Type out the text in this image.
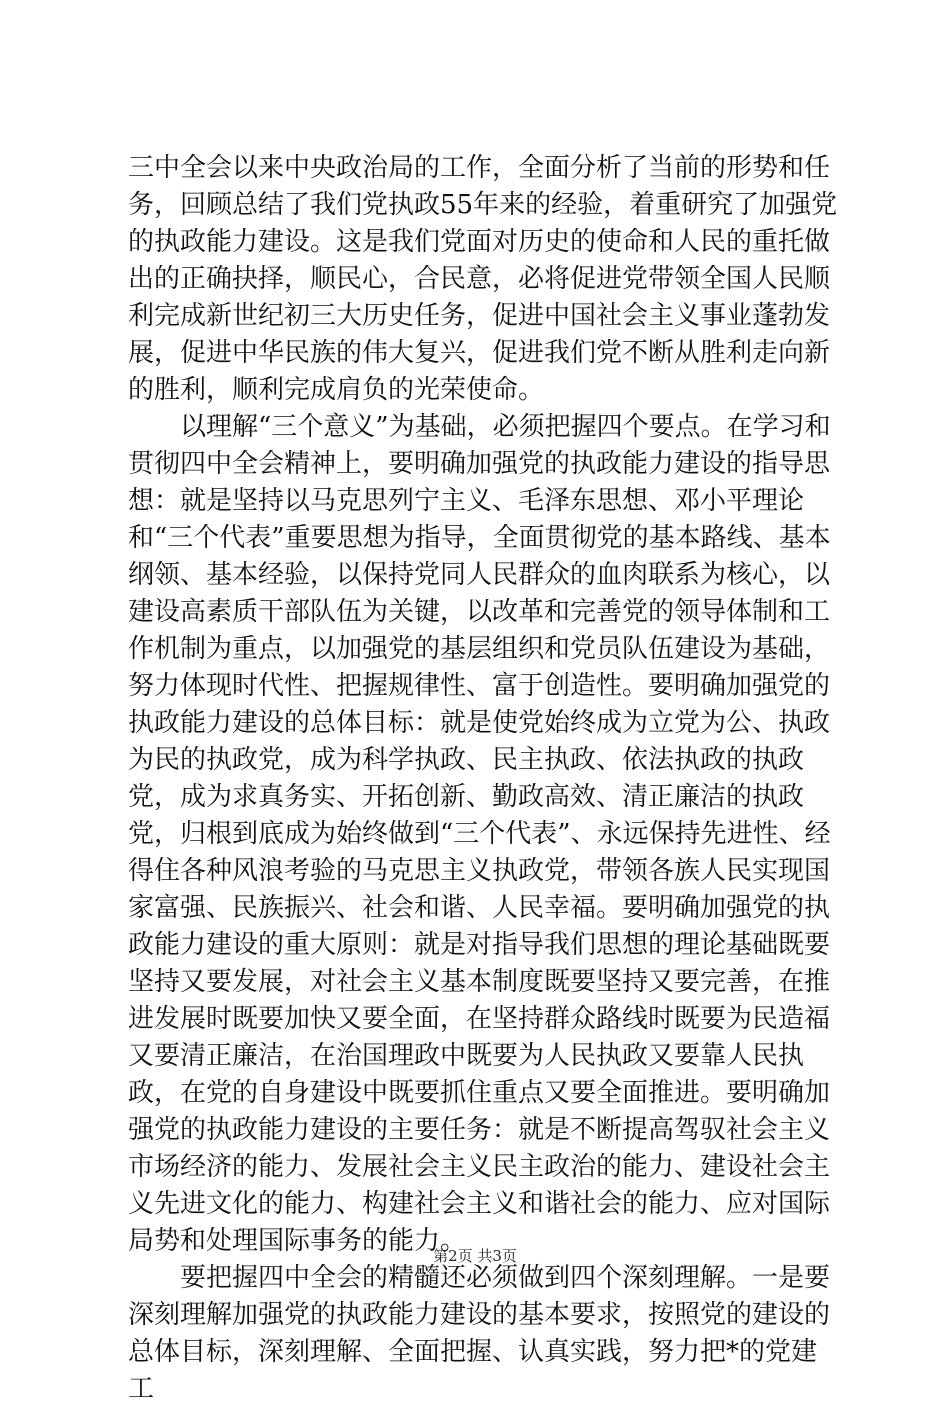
三中全会以来中央政治局的工作，全面分析了当前的形势和任务，回顾总结了我们党执政55年来的经验，着重研究了加强党的执政能力建设。这是我们党面对历史的使命和人民的重托做出的正确抉择，顺民心，合民意，必将促进党带领全国人民顺利完成新世纪初三大历史任务，促进中国社会主义事业蓬勃发展，促进中华民族的伟大复兴，促进我们党不断从胜利走向新的胜利，顺利完成肩负的光荣使命。

以理解“三个意义”为基础，必须把握四个要点。在学习和贯彻四中全会精神上，要明确加强党的执政能力建设的指导思想：就是坚持以马克思列宁主义、毛泽东思想、邓小平理论和“三个代表”重要思想为指导，全面贯彻党的基本路线、基本纲领、基本经验，以保持党同人民群众的血肉联系为核心，以建设高素质干部队伍为关键，以改革和完善党的领导体制和工作机制为重点，以加强党的基层组织和党员队伍建设为基础，努力体现时代性、把握规律性、富于创造性。要明确加强党的执政能力建设的总体目标：就是使党始终成为立党为公、执政为民的执政党，成为科学执政、民主执政、依法执政的执政党，成为求真务实、开拓创新、勤政高效、清正廉洁的执政党，归根到底成为始终做到“三个代表”、永远保持先进性、经得住各种风浪考验的马克思主义执政党，带领各族人民实现国家富强、民族振兴、社会和谐、人民幸福。要明确加强党的执政能力建设的重大原则：就是对指导我们思想的理论基础既要坚持又要发展，对社会主义基本制度既要坚持又要完善，在推进发展时既要加快又要全面，在坚持群众路线时既要为民造福又要清正廉洁，在治国理政中既要为人民执政又要靠人民执政，在党的自身建设中既要抓住重点又要全面推进。要明确加强党的执政能力建设的主要任务：就是不断提高驾驭社会主义市场经济的能力、发展社会主义民主政治的能力、建设社会主义先进文化的能力、构建社会主义和谐社会的能力、应对国际局势和处理国际事务的能力。

要把握四中全会的精髓还必须做到四个深刻理解。一是要深刻理解加强党的执政能力建设的基本要求，按照党的建设的总体目标，深刻理解、全面把握、认真实践，努力把*的党建工

第2页 共3页
